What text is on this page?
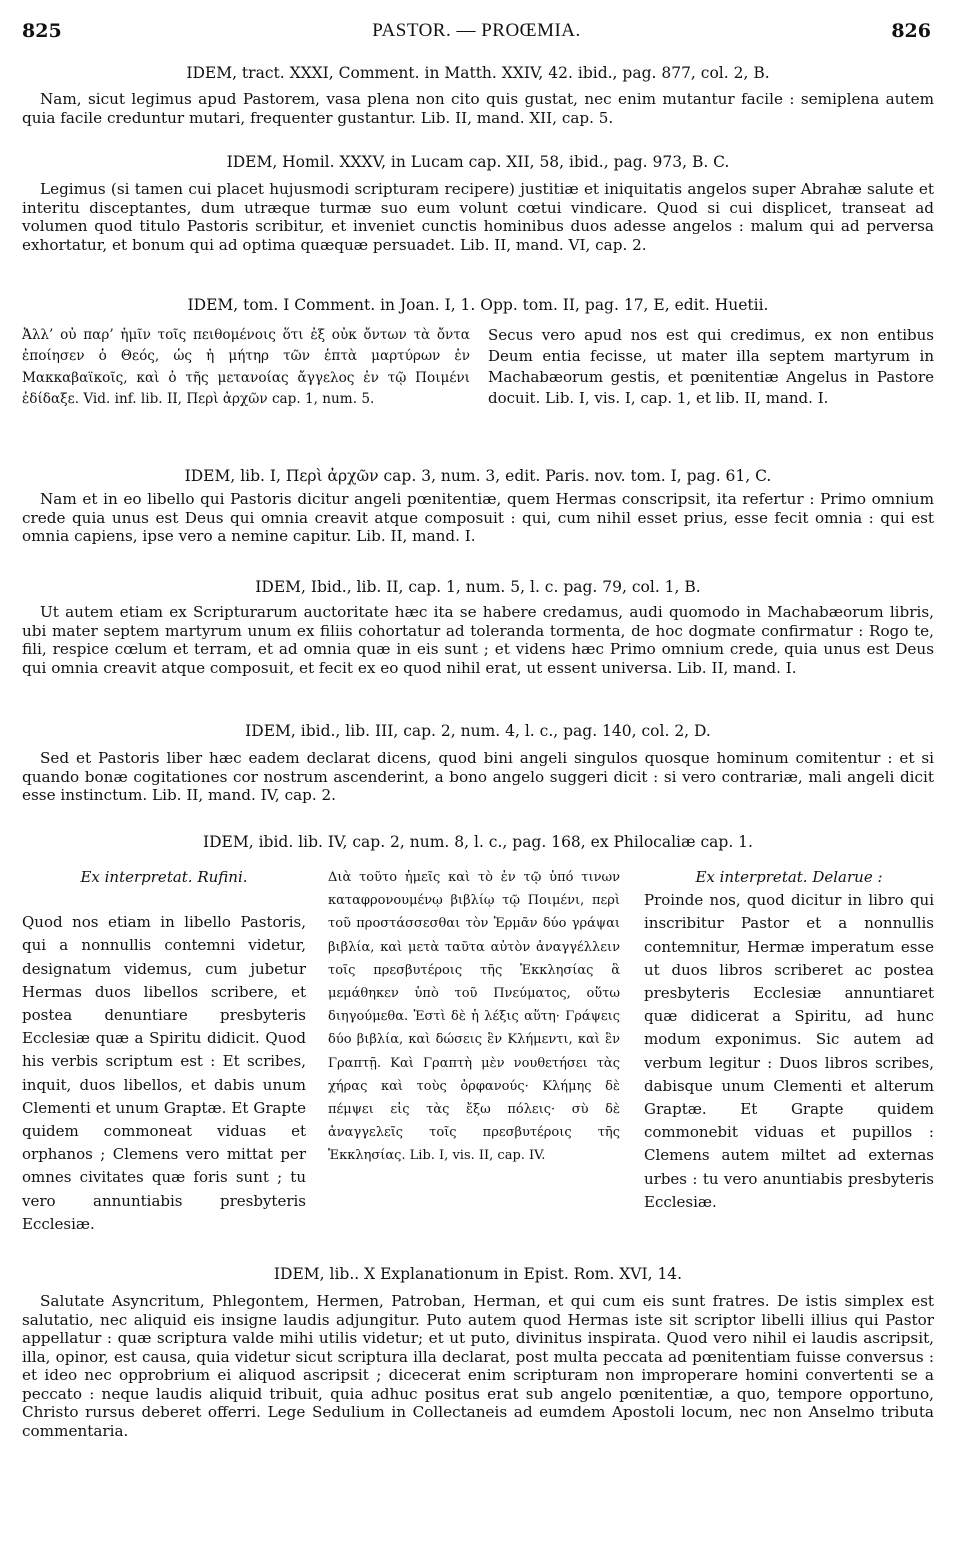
825	PASTOR. — PROŒMIA.	826
IDEM, tract. XXXI, Comment. in Matth. XXIV, 42. ibid., pag. 877, col. 2, B.
Nam, sicut legimus apud Pastorem, vasa plena non cito quis gustat, nec enim mutantur facile : semiplena autem quia facile creduntur mutari, frequenter gustantur. Lib. II, mand. XII, cap. 5.
IDEM, Homil. XXXV, in Lucam cap. XII, 58, ibid., pag. 973, B. C.
Legimus (si tamen cui placet hujusmodi scripturam recipere) justitiæ et iniquitatis angelos super Abrahæ salute et interitu disceptantes, dum utræque turmæ suo eum volunt cœtui vindicare. Quod si cui displicet, transeat ad volumen quod titulo Pastoris scribitur, et inveniet cunctis hominibus duos adesse angelos : malum qui ad perversa exhortatur, et bonum qui ad optima quæquæ persuadet. Lib. II, mand. VI, cap. 2.
IDEM, tom. I Comment. in Joan. I, 1. Opp. tom. II, pag. 17, E, edit. Huetii.
Ἀλλ’ οὐ παρ’ ἡμῖν τοῖς πειθομένοις ὅτι ἐξ οὐκ ὄντων τὰ ὄντα ἐποίησεν ὁ Θεός, ὡς ἡ μήτηρ τῶν ἑπτὰ μαρτύρων ἐν Μακκαβαϊκοῖς, καὶ ὁ τῆς μετανοίας ἄγγελος ἐν τῷ Ποιμένι ἐδίδαξε. Vid. inf. lib. II, Περὶ ἀρχῶν cap. 1, num. 5.
Secus vero apud nos est qui credimus, ex non entibus Deum entia fecisse, ut mater illa septem martyrum in Machabæorum gestis, et pœnitentiæ Angelus in Pastore docuit. Lib. I, vis. I, cap. 1, et lib. II, mand. I.
IDEM, lib. I, Περὶ ἀρχῶν cap. 3, num. 3, edit. Paris. nov. tom. I, pag. 61, C.
Nam et in eo libello qui Pastoris dicitur angeli pœnitentiæ, quem Hermas conscripsit, ita refertur : Primo omnium crede quia unus est Deus qui omnia creavit atque composuit : qui, cum nihil esset prius, esse fecit omnia : qui est omnia capiens, ipse vero a nemine capitur. Lib. II, mand. I.
IDEM, Ibid., lib. II, cap. 1, num. 5, l. c. pag. 79, col. 1, B.
Ut autem etiam ex Scripturarum auctoritate hæc ita se habere credamus, audi quomodo in Machabæorum libris, ubi mater septem martyrum unum ex filiis cohortatur ad toleranda tormenta, de hoc dogmate confirmatur : Rogo te, fili, respice cœlum et terram, et ad omnia quæ in eis sunt ; et videns hæc Primo omnium crede, quia unus est Deus qui omnia creavit atque composuit, et fecit ex eo quod nihil erat, ut essent universa. Lib. II, mand. I.
IDEM, ibid., lib. III, cap. 2, num. 4, l. c., pag. 140, col. 2, D.
Sed et Pastoris liber hæc eadem declarat dicens, quod bini angeli singulos quosque hominum comitentur : et si quando bonæ cogitationes cor nostrum ascenderint, a bono angelo suggeri dicit : si vero contrariæ, mali angeli dicit esse instinctum. Lib. II, mand. IV, cap. 2.
IDEM, ibid. lib. IV, cap. 2, num. 8, l. c., pag. 168, ex Philocaliæ cap. 1.
Ex interpretat. Rufini.
Quod nos etiam in libello Pastoris, qui a nonnullis contemni videtur, designatum videmus, cum jubetur Hermas duos libellos scribere, et postea denuntiare presbyteris Ecclesiæ quæ a Spiritu didicit. Quod his verbis scriptum est : Et scribes, inquit, duos libellos, et dabis unum Clementi et unum Graptæ. Et Grapte quidem commoneat viduas et orphanos ; Clemens vero mittat per omnes civitates quæ foris sunt ; tu vero annuntiabis presbyteris Ecclesiæ.
Διὰ τοῦτο ἡμεῖς καὶ τὸ ἐν τῷ ὑπό τινων καταφρονουμένῳ βιβλίῳ τῷ Ποιμένι, περὶ τοῦ προστάσσεσθαι τὸν Ἑρμᾶν δύο γράψαι βιβλία, καὶ μετὰ ταῦτα αὐτὸν ἀναγγέλλειν τοῖς πρεσβυτέροις τῆς Ἐκκλησίας ἃ μεμάθηκεν ὑπὸ τοῦ Πνεύματος, οὕτω διηγούμεθα. Ἐστὶ δὲ ἡ λέξις αὕτη· Γράψεις δύο βιβλία, καὶ δώσεις ἓν Κλήμεντι, καὶ ἓν Γραπτῇ. Καὶ Γραπτὴ μὲν νουθετήσει τὰς χήρας καὶ τοὺς ὀρφανούς· Κλήμης δὲ πέμψει εἰς τὰς ἔξω πόλεις· σὺ δὲ ἀναγγελεῖς τοῖς πρεσβυτέροις τῆς Ἐκκλησίας. Lib. I, vis. II, cap. IV.
Ex interpretat. Delarue :
Proinde nos, quod dicitur in libro qui inscribitur Pastor et a nonnullis contemnitur, Hermæ imperatum esse ut duos libros scriberet ac postea presbyteris Ecclesiæ annuntiaret quæ didicerat a Spiritu, ad hunc modum exponimus. Sic autem ad verbum legitur : Duos libros scribes, dabisque unum Clementi et alterum Graptæ. Et Grapte quidem commonebit viduas et pupillos : Clemens autem miltet ad externas urbes : tu vero anuntiabis presbyteris Ecclesiæ.
IDEM, lib.. X Explanationum in Epist. Rom. XVI, 14.
Salutate Asyncritum, Phlegontem, Hermen, Patroban, Herman, et qui cum eis sunt fratres. De istis simplex est salutatio, nec aliquid eis insigne laudis adjungitur. Puto autem quod Hermas iste sit scriptor libelli illius qui Pastor appellatur : quæ scriptura valde mihi utilis videtur; et ut puto, divinitus inspirata. Quod vero nihil ei laudis ascripsit, illa, opinor, est causa, quia videtur sicut scriptura illa declarat, post multa peccata ad pœnitentiam fuisse conversus : et ideo nec opprobrium ei aliquod ascripsit ; dicecerat enim scripturam non improperare homini convertenti se a peccato : neque laudis aliquid tribuit, quia adhuc positus erat sub angelo pœnitentiæ, a quo, tempore opportuno, Christo rursus deberet offerri. Lege Sedulium in Collectaneis ad eumdem Apostoli locum, nec non Anselmo tributa commentaria.
